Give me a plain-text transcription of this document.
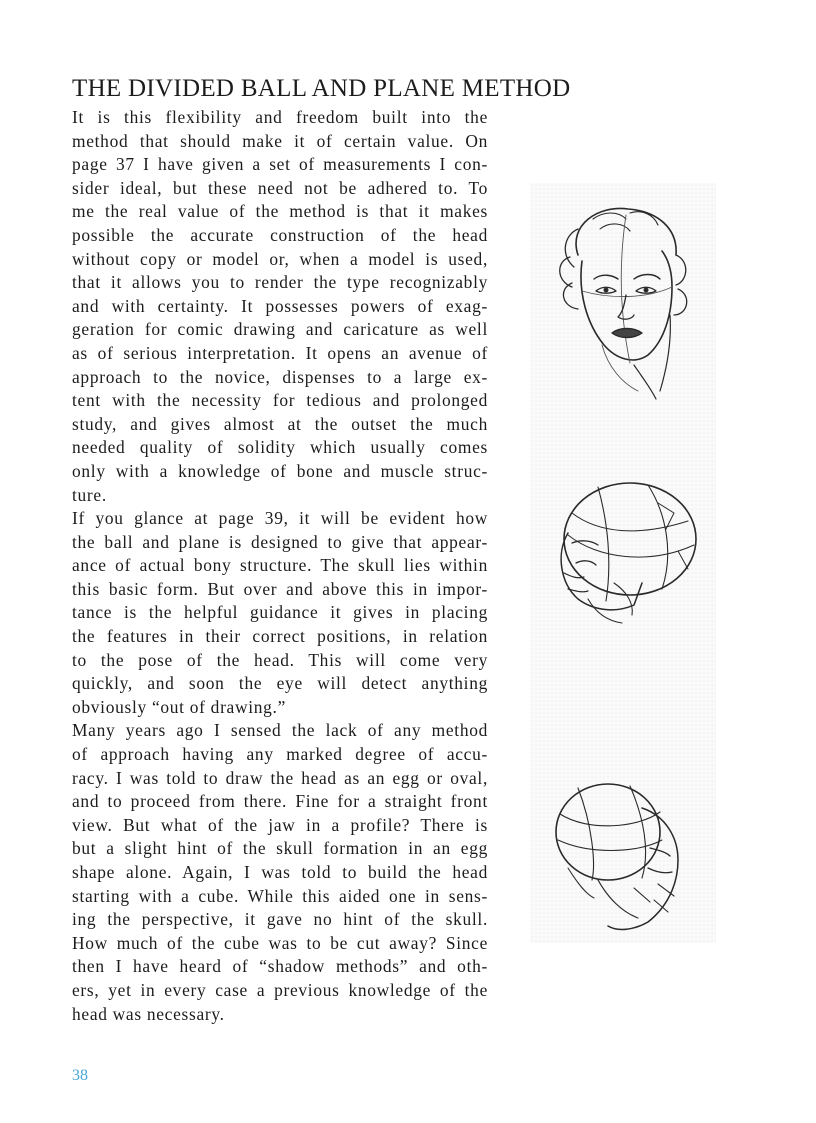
THE DIVIDED BALL AND PLANE METHOD
It is this flexibility and freedom built into the
method that should make it of certain value. On
page 37 I have given a set of measurements I con-
sider ideal, but these need not be adhered to. To
me the real value of the method is that it makes
possible the accurate construction of the head
without copy or model or, when a model is used,
that it allows you to render the type recognizably
and with certainty. It possesses powers of exag-
geration for comic drawing and caricature as well
as of serious interpretation. It opens an avenue of
approach to the novice, dispenses to a large ex-
tent with the necessity for tedious and prolonged
study, and gives almost at the outset the much
needed quality of solidity which usually comes
only with a knowledge of bone and muscle struc-
ture.
If you glance at page 39, it will be evident how
the ball and plane is designed to give that appear-
ance of actual bony structure. The skull lies within
this basic form. But over and above this in impor-
tance is the helpful guidance it gives in placing
the features in their correct positions, in relation
to the pose of the head. This will come very
quickly, and soon the eye will detect anything
obviously “out of drawing.”
Many years ago I sensed the lack of any method
of approach having any marked degree of accu-
racy. I was told to draw the head as an egg or oval,
and to proceed from there. Fine for a straight front
view. But what of the jaw in a profile? There is
but a slight hint of the skull formation in an egg
shape alone. Again, I was told to build the head
starting with a cube. While this aided one in sens-
ing the perspective, it gave no hint of the skull.
How much of the cube was to be cut away? Since
then I have heard of “shadow methods” and oth-
ers, yet in every case a previous knowledge of the
head was necessary.
38
